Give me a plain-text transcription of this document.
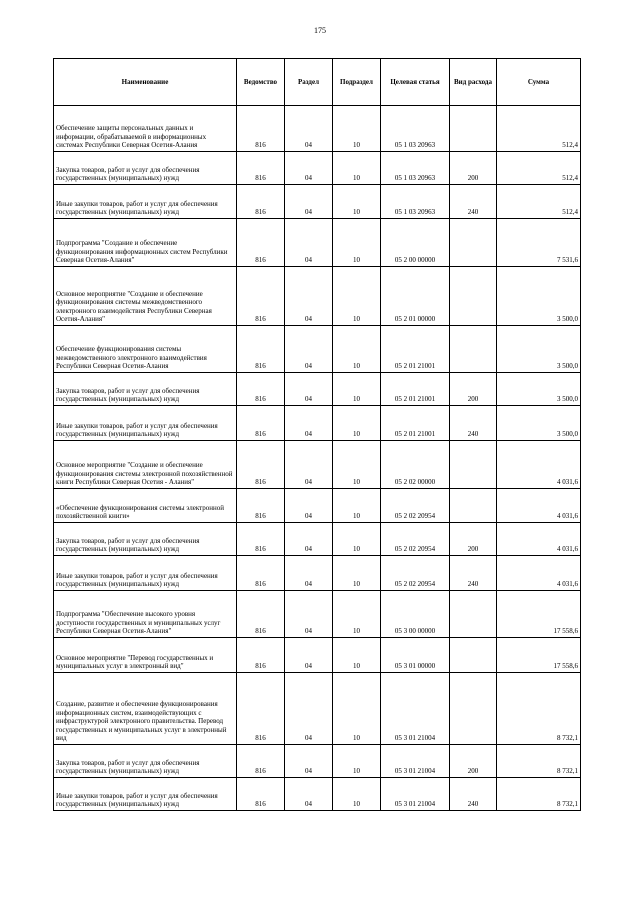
175
Наименование	Ведомство	Раздел	Подраздел	Целевая статья	Вид расхода	Сумма
Обеспечение защиты персональных данных и информации, обрабатываемой в информационных системах Республики Северная Осетия-Алания	816	04	10	05 1 03 20963		512,4
Закупка товаров, работ и услуг для обеспечения государственных (муниципальных) нужд	816	04	10	05 1 03 20963	200	512,4
Иные закупки товаров, работ и услуг для обеспечения государственных (муниципальных) нужд	816	04	10	05 1 03 20963	240	512,4
Подпрограмма "Создание и обеспечение функционирования информационных систем Республики Северная Осетия-Алания"	816	04	10	05 2 00 00000		7 531,6
Основное мероприятие "Создание и обеспечение функционирования системы межведомственного электронного взаимодействия Республики Северная Осетия-Алания"	816	04	10	05 2 01 00000		3 500,0
Обеспечение функционирования системы межведомственного электронного взаимодействия Республики Северная Осетия-Алания	816	04	10	05 2 01 21001		3 500,0
Закупка товаров, работ и услуг для обеспечения государственных (муниципальных) нужд	816	04	10	05 2 01 21001	200	3 500,0
Иные закупки товаров, работ и услуг для обеспечения государственных (муниципальных) нужд	816	04	10	05 2 01 21001	240	3 500,0
Основное мероприятие "Создание и обеспечение функционирования системы электронной похозяйственной книги Республики Северная Осетия - Алания"	816	04	10	05 2 02 00000		4 031,6
«Обеспечение функционирования системы электронной похозяйственной книги»	816	04	10	05 2 02 20954		4 031,6
Закупка товаров, работ и услуг для обеспечения государственных (муниципальных) нужд	816	04	10	05 2 02 20954	200	4 031,6
Иные закупки товаров, работ и услуг для обеспечения государственных (муниципальных) нужд	816	04	10	05 2 02 20954	240	4 031,6
Подпрограмма "Обеспечение высокого уровня доступности государственных и муниципальных услуг Республики Северная Осетия-Алания"	816	04	10	05 3 00 00000		17 558,6
Основное мероприятие "Перевод государственных и муниципальных услуг в электронный вид"	816	04	10	05 3 01 00000		17 558,6
Создание, развитие и обеспечение функционирования информационных систем, взаимодействующих с инфраструктурой электронного правительства. Перевод государственных и муниципальных услуг в электронный вид	816	04	10	05 3 01 21004		8 732,1
Закупка товаров, работ и услуг для обеспечения государственных (муниципальных) нужд	816	04	10	05 3 01 21004	200	8 732,1
Иные закупки товаров, работ и услуг для обеспечения государственных (муниципальных) нужд	816	04	10	05 3 01 21004	240	8 732,1
